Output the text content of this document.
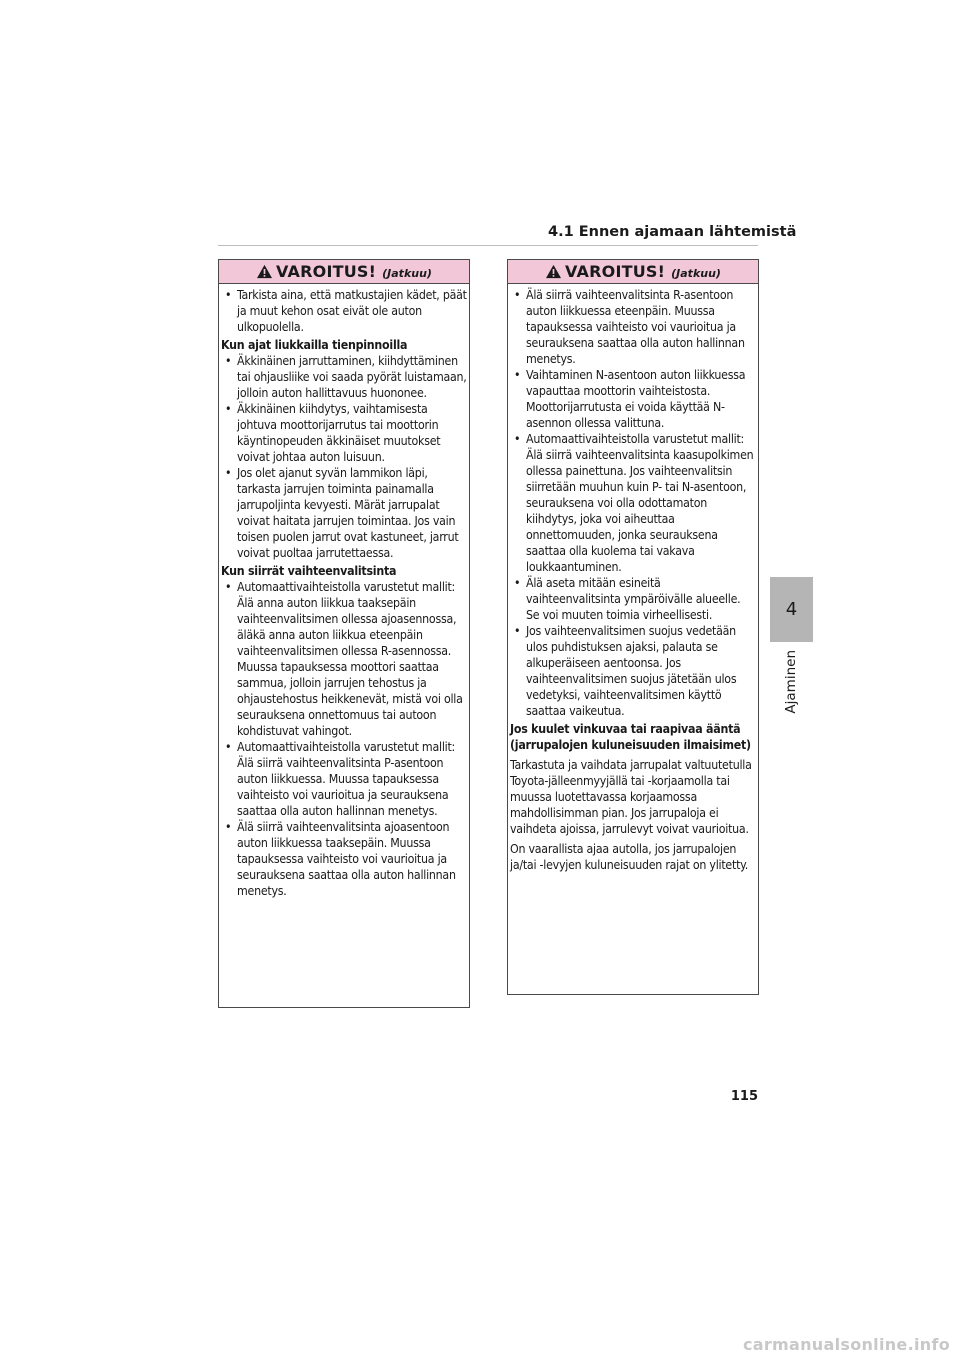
4.1 Ennen ajamaan lähtemistä
VAROITUS! (Jatkuu)
• Tarkista aina, että matkustajien kädet, päät ja muut kehon osat eivät ole auton ulkopuolella.
Kun ajat liukkailla tienpinnoilla
• Äkkinäinen jarruttaminen, kiihdyttäminen tai ohjausliike voi saada pyörät luistamaan, jolloin auton hallittavuus huononee.
• Äkkinäinen kiihdytys, vaihtamisesta johtuva moottorijarrutus tai moottorin käyntinopeuden äkkinäiset muutokset voivat johtaa auton luisuun.
• Jos olet ajanut syvän lammikon läpi, tarkasta jarrujen toiminta painamalla jarrupoljinta kevyesti. Märät jarrupalat voivat haitata jarrujen toimintaa. Jos vain toisen puolen jarrut ovat kastuneet, jarrut voivat puoltaa jarrutettaessa.
Kun siirrät vaihteenvalitsinta
• Automaattivaihteistolla varustetut mallit: Älä anna auton liikkua taaksepäin vaihteenvalitsimen ollessa ajoasennossa, äläkä anna auton liikkua eteenpäin vaihteenvalitsimen ollessa R-asennossa. Muussa tapauksessa moottori saattaa sammua, jolloin jarrujen tehostus ja ohjaustehostus heikkenevät, mistä voi olla seurauksena onnettomuus tai autoon kohdistuvat vahingot.
• Automaattivaihteistolla varustetut mallit: Älä siirrä vaihteenvalitsinta P-asentoon auton liikkuessa. Muussa tapauksessa vaihteisto voi vaurioitua ja seurauksena saattaa olla auton hallinnan menetys.
• Älä siirrä vaihteenvalitsinta ajoasentoon auton liikkuessa taaksepäin. Muussa tapauksessa vaihteisto voi vaurioitua ja seurauksena saattaa olla auton hallinnan menetys.
VAROITUS! (Jatkuu)
• Älä siirrä vaihteenvalitsinta R-asentoon auton liikkuessa eteenpäin. Muussa tapauksessa vaihteisto voi vaurioitua ja seurauksena saattaa olla auton hallinnan menetys.
• Vaihtaminen N-asentoon auton liikkuessa vapauttaa moottorin vaihteistosta. Moottorijarrutusta ei voida käyttää N-asennon ollessa valittuna.
• Automaattivaihteistolla varustetut mallit: Älä siirrä vaihteenvalitsinta kaasupolkimen ollessa painettuna. Jos vaihteenvalitsin siirretään muuhun kuin P- tai N-asentoon, seurauksena voi olla odottamaton kiihdytys, joka voi aiheuttaa onnettomuuden, jonka seurauksena saattaa olla kuolema tai vakava loukkaantuminen.
• Älä aseta mitään esineitä vaihteenvalitsinta ympäröivälle alueelle. Se voi muuten toimia virheellisesti.
• Jos vaihteenvalitsimen suojus vedetään ulos puhdistuksen ajaksi, palauta se alkuperäiseen aentoonsa. Jos vaihteenvalitsimen suojus jätetään ulos vedetyksi, vaihteenvalitsimen käyttö saattaa vaikeutua.
Jos kuulet vinkuvaa tai raapivaa ääntä (jarrupalojen kuluneisuuden ilmaisimet)
Tarkastuta ja vaihdata jarrupalat valtuutetulla Toyota-jälleenmyyjällä tai -korjaamolla tai muussa luotettavassa korjaamossa mahdollisimman pian. Jos jarrupaloja ei vaihdeta ajoissa, jarrulevyt voivat vaurioitua.
On vaarallista ajaa autolla, jos jarrupalojen ja/tai -levyjen kuluneisuuden rajat on ylitetty.
4
Ajaminen
115
carmanualsonline.info
